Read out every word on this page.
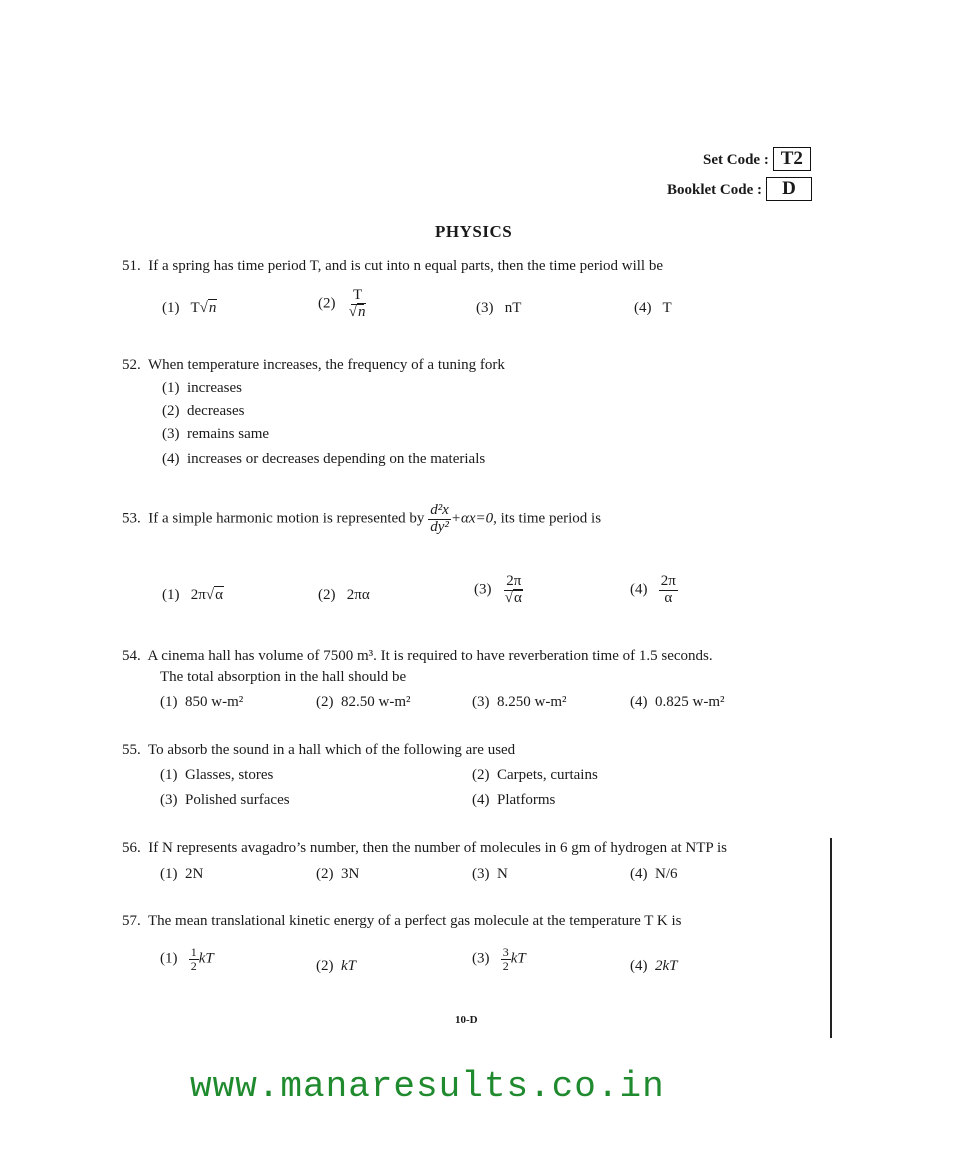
Set Code : T2
Booklet Code : D
PHYSICS
51. If a spring has time period T, and is cut into n equal parts, then the time period will be
(1) T√n	$(2) \frac{T}{√n}$	(3) nT	(4) T
52. When temperature increases, the frequency of a tuning fork
(1) increases
(2) decreases
(3) remains same
(4) increases or decreases depending on the materials
53. If a simple harmonic motion is represented by $\frac{\text{d²x}}{\text{dy²}} +\alpha x=0$, its time period is
(1) 2π√α	(2) 2πα	$(3) \frac{2\pi}{√\alpha}$	$(4) \frac{2\pi}{\alpha}$
54. A cinema hall has volume of 7500 m³. It is required to have reverberation time of 1.5 seconds.
The total absorption in the hall should be
(1) 850 w-m²	(2) 82.50 w-m²	(3) 8.250 w-m²	(4) 0.825 w-m²
55. To absorb the sound in a hall which of the following are used
(1) Glasses, stores	(2) Carpets, curtains
(3) Polished surfaces	(4) Platforms
56. If N represents avagadro’s number, then the number of molecules in 6 gm of hydrogen at NTP is
(1) 2N	(2) 3N	(3) N	(4) N/6
57. The mean translational kinetic energy of a perfect gas molecule at the temperature T K is
$(1) \frac{1}{2}$ kT	(2) kT	$(3) \frac{3}{2}$ kT	(4) 2kT
10-D
www.manaresults.co.in
